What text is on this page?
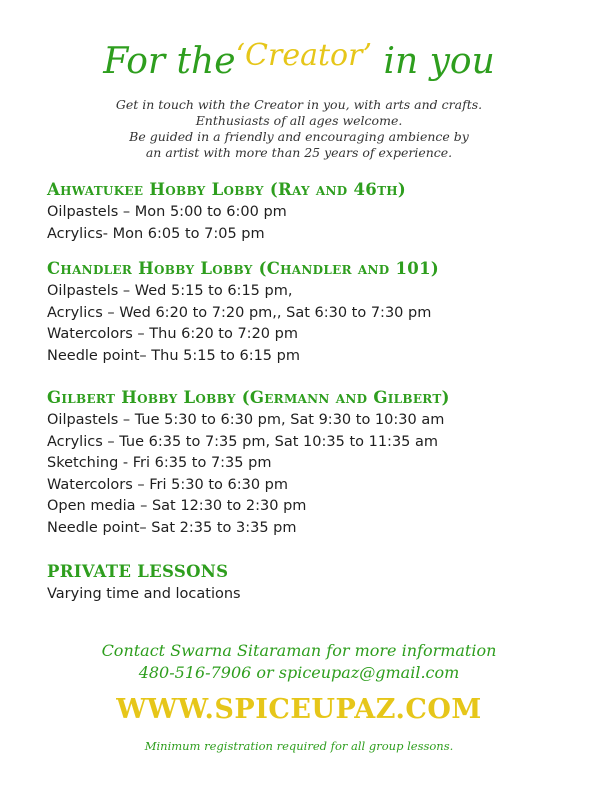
For the$^{‘Creator’}$ in you
Get in touch with the Creator in you, with arts and crafts.
Enthusiasts of all ages welcome.
Be guided in a friendly and encouraging ambience by
an artist with more than 25 years of experience.
Ahwatukee Hobby Lobby (Ray and 46th)
Oilpastels – Mon 5:00 to 6:00 pm
Acrylics- Mon 6:05 to 7:05 pm
Chandler Hobby Lobby (Chandler and 101)
Oilpastels – Wed 5:15 to 6:15 pm,
Acrylics – Wed 6:20 to 7:20 pm,, Sat 6:30 to 7:30 pm
Watercolors – Thu 6:20 to 7:20 pm
Needle point– Thu 5:15 to 6:15 pm
Gilbert Hobby Lobby (Germann and Gilbert)
Oilpastels – Tue 5:30 to 6:30 pm, Sat 9:30 to 10:30 am
Acrylics – Tue 6:35 to 7:35 pm, Sat 10:35 to 11:35 am
Sketching - Fri 6:35 to 7:35 pm
Watercolors – Fri 5:30 to 6:30 pm
Open media – Sat 12:30 to 2:30 pm
Needle point– Sat 2:35 to 3:35 pm
PRIVATE LESSONS
Varying time and locations
Contact Swarna Sitaraman for more information
480-516-7906 or spiceupaz@gmail.com
WWW.SPICEUPAZ.COM
Minimum registration required for all group lessons.
